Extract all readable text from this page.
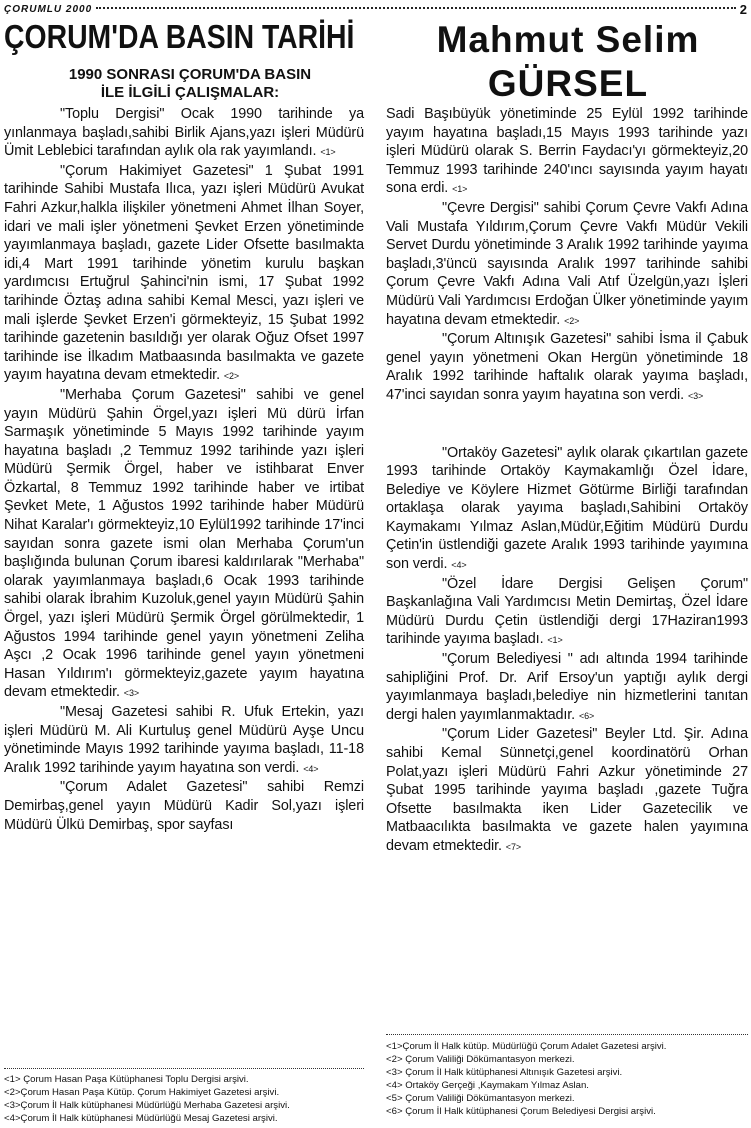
ÇORUMLU 2000	2
ÇORUM'DA BASIN TARİHİ	Mahmut Selim
GÜRSEL
1990 SONRASI ÇORUM'DA BASIN
İLE İLGİLİ ÇALIŞMALAR:

"Toplu Dergisi" Ocak 1990 tarihinde ya yınlanmaya başladı,sahibi Birlik Ajans,yazı işleri Müdürü Ümit Leblebici tarafından aylık ola rak yayımlandı. <1>

"Çorum Hakimiyet Gazetesi" 1 Şubat 1991 tarihinde Sahibi Mustafa Ilıca, yazı işleri Müdürü Avukat Fahri Azkur,halkla ilişkiler yönetmeni Ahmet İlhan Soyer, idari ve mali işler yönetmeni Şevket Erzen yönetiminde yayımlanmaya başladı, gazete Lider Ofsette basılmakta idi,4 Mart 1991 tarihinde yönetim kurulu başkan yardımcısı Ertuğrul Şahinci'nin ismi, 17 Şubat 1992 tarihinde Öztaş adına sahibi Kemal Mesci, yazı işleri ve mali işlerde Şevket Erzen'i görmekteyiz, 15 Şubat 1992 tarihinde gazetenin basıldığı yer olarak Oğuz Ofset 1997 tarihinde ise İlkadım Matbaasında basılmakta ve gazete yayım hayatına devam etmektedir. <2>

"Merhaba Çorum Gazetesi" sahibi ve genel yayın Müdürü Şahin Örgel,yazı işleri Mü dürü İrfan Sarmaşık yönetiminde 5 Mayıs 1992 tarihinde yayım hayatına başladı ,2 Temmuz 1992 tarihinde yazı işleri Müdürü Şermik Örgel, haber ve istihbarat Enver Özkartal, 8 Temmuz 1992 tarihinde haber ve irtibat Şevket Mete, 1 Ağustos 1992 tarihinde haber Müdürü Nihat Karalar'ı görmekteyiz,10 Eylül1992 tarihinde 17'inci sayıdan sonra gazete ismi olan Merhaba Çorum'un başlığında bulunan Çorum ibaresi kaldırılarak "Merhaba" olarak yayımlanmaya başladı,6 Ocak 1993 tarihinde sahibi olarak İbrahim Kuzoluk,genel yayın Müdürü Şahin Örgel, yazı işleri Müdürü Şermik Örgel görülmektedir, 1 Ağustos 1994 tarihinde genel yayın yönetmeni Zeliha Aşcı ,2 Ocak 1996 tarihinde genel yayın yönetmeni Hasan Yıldırım'ı görmekteyiz,gazete yayım hayatına devam etmektedir. <3>

"Mesaj Gazetesi sahibi R. Ufuk Ertekin, yazı işleri Müdürü M. Ali Kurtuluş genel Müdürü Ayşe Uncu yönetiminde Mayıs 1992 tarihinde yayıma başladı, 11-18 Aralık 1992 tarihinde yayım hayatına son verdi. <4>

"Çorum Adalet Gazetesi" sahibi Remzi Demirbaş,genel yayın Müdürü Kadir Sol,yazı işleri Müdürü Ülkü Demirbaş, spor sayfası

Sadi Başıbüyük yönetiminde 25 Eylül 1992 tarihinde yayım hayatına başladı,15 Mayıs 1993 tarihinde yazı işleri Müdürü olarak S. Berrin Faydacı'yı görmekteyiz,20 Temmuz 1993 tarihinde 240'ıncı sayısında yayım hayatı sona erdi. <1>

"Çevre Dergisi" sahibi Çorum Çevre Vakfı Adına Vali Mustafa Yıldırım,Çorum Çevre Vakfı Müdür Vekili Servet Durdu yönetiminde 3 Aralık 1992 tarihinde yayıma başladı,3'üncü sayısında Aralık 1997 tarihinde sahibi Çorum Çevre Vakfı Adına Vali Atıf Üzelgün,yazı İşleri Müdürü Vali Yardımcısı Erdoğan Ülker yönetiminde yayım hayatına devam etmektedir. <2>

"Çorum Altınışık Gazetesi" sahibi İsma il Çabuk genel yayın yönetmeni Okan Hergün yönetiminde 18 Aralık 1992 tarihinde haftalık olarak yayıma başladı, 47'inci sayıdan sonra yayım hayatına son verdi. <3>

"Ortaköy Gazetesi" aylık olarak çıkartılan gazete 1993 tarihinde Ortaköy Kaymakamlığı Özel İdare, Belediye ve Köylere Hizmet Götürme Birliği tarafından ortaklaşa olarak yayıma başladı,Sahibini Ortaköy Kaymakamı Yılmaz Aslan,Müdür,Eğitim Müdürü Durdu Çetin'in üstlendiği gazete Aralık 1993 tarihinde yayımına son verdi. <4>

"Özel İdare Dergisi Gelişen Çorum" Başkanlağına Vali Yardımcısı Metin Demirtaş, Özel İdare Müdürü Durdu Çetin üstlendiği dergi 17Haziran1993 tarihinde yayıma başladı. <1>

"Çorum Belediyesi " adı altında 1994 tarihinde sahipliğini Prof. Dr. Arif Ersoy'un yaptığı aylık dergi yayımlanmaya başladı,belediye nin hizmetlerini tanıtan dergi halen yayımlanmaktadır. <6>

"Çorum Lider Gazetesi" Beyler Ltd. Şir. Adına sahibi Kemal Sünnetçi,genel koordinatörü Orhan Polat,yazı işleri Müdürü Fahri Azkur yönetiminde 27 Şubat 1995 tarihinde yayıma başladı ,gazete Tuğra Ofsette basılmakta iken Lider Gazetecilik ve Matbaacılıkta basılmakta ve gazete halen yayımına devam etmektedir. <7>

<1> Çorum Hasan Paşa Kütüphanesi Toplu Dergisi arşivi.
<2>Çorum Hasan Paşa Kütüp. Çorum Hakimiyet Gazetesi arşivi.
<3>Çorum İl Halk kütüphanesi Müdürlüğü Merhaba Gazetesi arşivi.
<4>Çorum İl Halk kütüphanesi Müdürlüğü Mesaj Gazetesi arşivi.
<1>Çorum İl Halk kütüp. Müdürlüğü Çorum Adalet Gazetesi arşivi.
<2> Çorum Valiliği Dökümantasyon merkezi.
<3> Çorum İl Halk kütüphanesi Altınışık Gazetesi arşivi.
<4> Ortaköy Gerçeği ,Kaymakam Yılmaz Aslan.
<5> Çorum Valiliği Dökümantasyon merkezi.
<6> Çorum İl Halk kütüphanesi Çorum Belediyesi Dergisi arşivi.
